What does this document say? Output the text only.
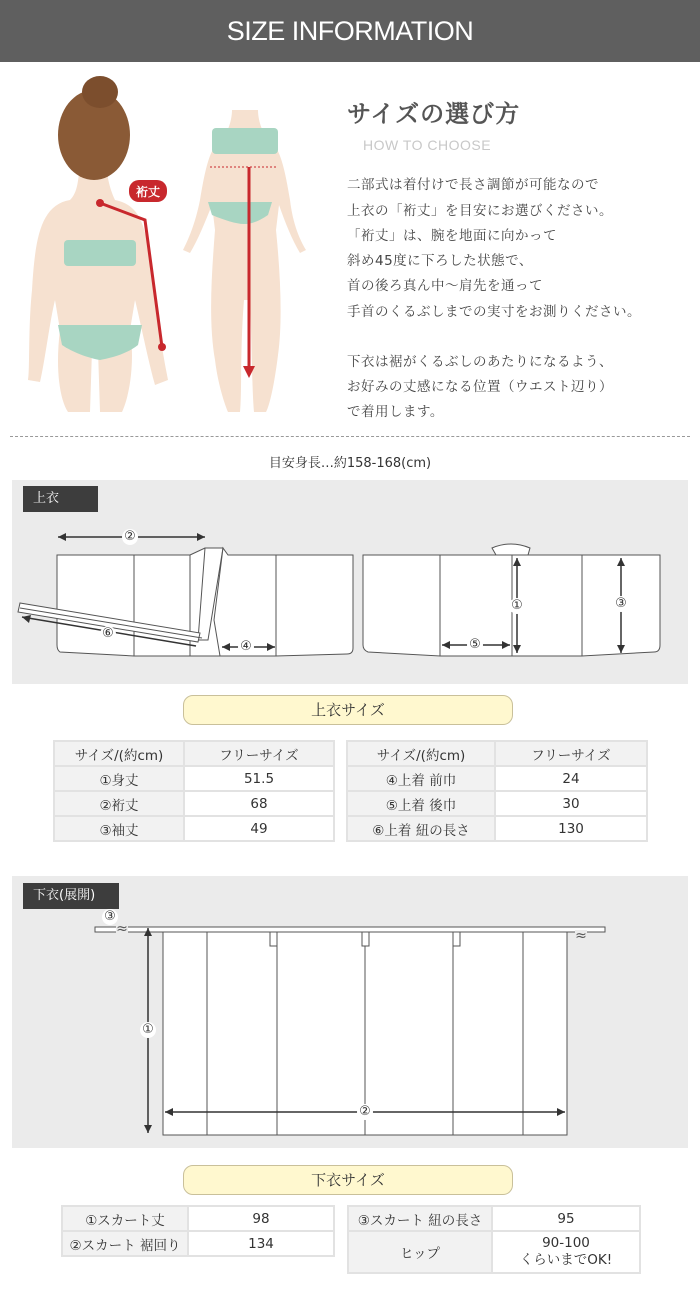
SIZE INFORMATION
裄丈
サイズの選び方
HOW TO CHOOSE
二部式は着付けで長さ調節が可能なので
上衣の「裄丈」を目安にお選びください。
「裄丈」は、腕を地面に向かって
斜め45度に下ろした状態で、
首の後ろ真ん中〜肩先を通って
手首のくるぶしまでの実寸をお測りください。
下衣は裾がくるぶしのあたりになるよう、
お好みの丈感になる位置（ウエスト辺り）
で着用します。
目安身長…約158-168(cm)
上衣
②
④
⑥
⑤
①	③
上衣サイズ
サイズ/(約cm)	フリーサイズ
①身丈	51.5
②裄丈	68
③袖丈	49
サイズ/(約cm)	フリーサイズ
④上着 前巾	24
⑤上着 後巾	30
⑥上着 紐の長さ	130
下衣(展開)
③
①
②
≈	≈
下衣サイズ
①スカート丈	98
②スカート 裾回り	134
③スカート 紐の長さ	95
ヒップ	90-100
くらいまでOK!
